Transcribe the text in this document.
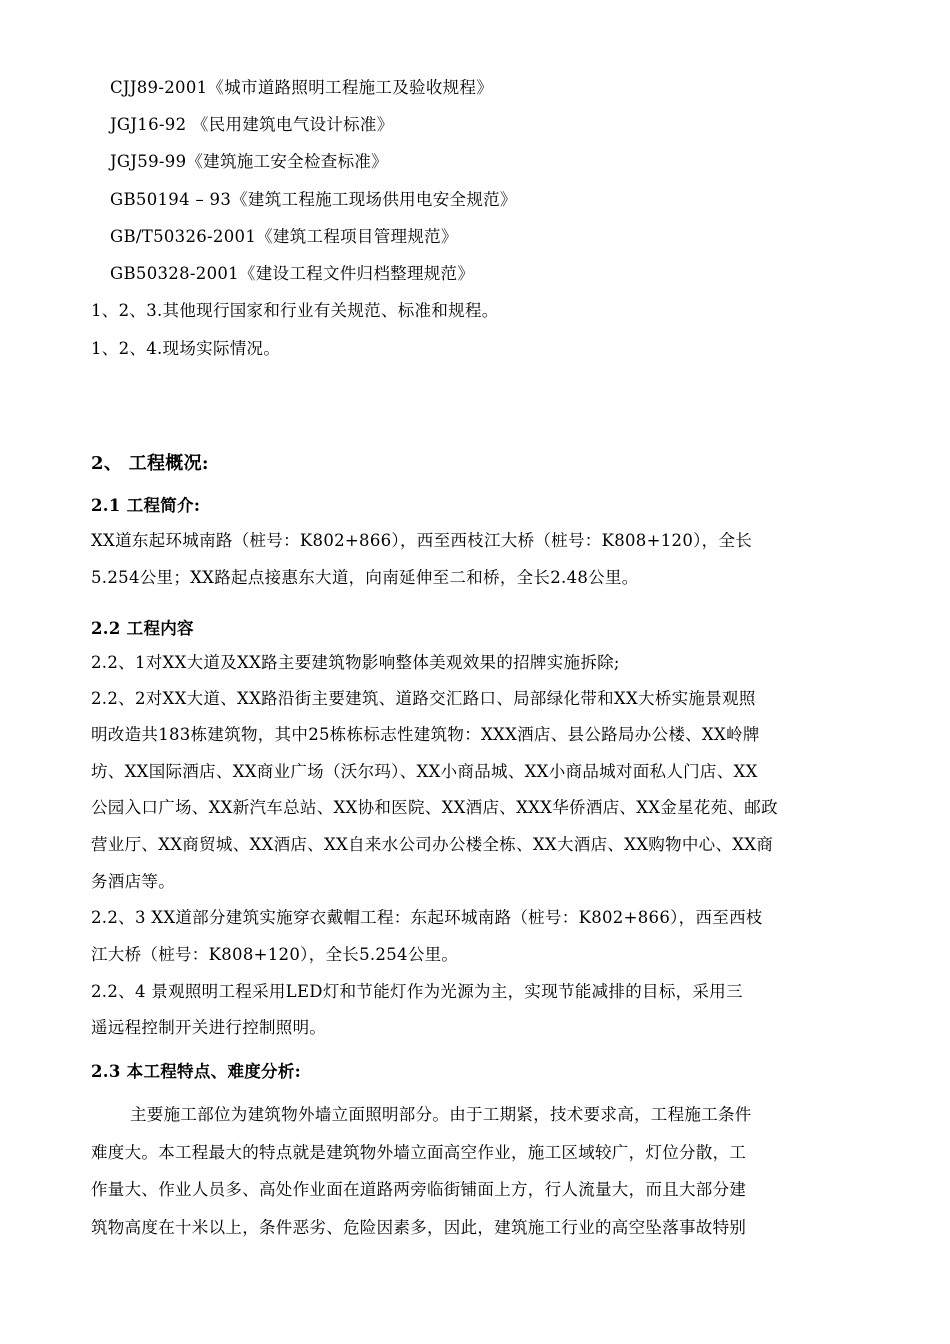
CJJ89-2001《城市道路照明工程施工及验收规程》
JGJ16-92 《民用建筑电气设计标准》
JGJ59-99《建筑施工安全检查标准》
GB50194 – 93《建筑工程施工现场供用电安全规范》
GB/T50326-2001《建筑工程项目管理规范》
GB50328-2001《建设工程文件归档整理规范》
1、2、3.其他现行国家和行业有关规范、标准和规程。
1、2、4.现场实际情况。
2、 工程概况:
2.1 工程简介:
XX道东起环城南路（桩号：K802+866），西至西枝江大桥（桩号：K808+120），全长
5.254公里；XX路起点接惠东大道，向南延伸至二和桥，全长2.48公里。
2.2 工程内容
2.2、1对XX大道及XX路主要建筑物影响整体美观效果的招牌实施拆除;
2.2、2对XX大道、XX路沿街主要建筑、道路交汇路口、局部绿化带和XX大桥实施景观照
明改造共183栋建筑物，其中25栋栋标志性建筑物：XXX酒店、县公路局办公楼、XX岭牌
坊、XX国际酒店、XX商业广场（沃尔玛）、XX小商品城、XX小商品城对面私人门店、XX
公园入口广场、XX新汽车总站、XX协和医院、XX酒店、XXX华侨酒店、XX金星花苑、邮政
营业厅、XX商贸城、XX酒店、XX自来水公司办公楼全栋、XX大酒店、XX购物中心、XX商
务酒店等。
2.2、3 XX道部分建筑实施穿衣戴帽工程：东起环城南路（桩号：K802+866），西至西枝
江大桥（桩号：K808+120），全长5.254公里。
2.2、4 景观照明工程采用LED灯和节能灯作为光源为主，实现节能减排的目标，采用三
遥远程控制开关进行控制照明。
2.3 本工程特点、难度分析:
主要施工部位为建筑物外墙立面照明部分。由于工期紧，技术要求高，工程施工条件
难度大。本工程最大的特点就是建筑物外墙立面高空作业，施工区域较广，灯位分散，工
作量大、作业人员多、高处作业面在道路两旁临街铺面上方，行人流量大，而且大部分建
筑物高度在十米以上，条件恶劣、危险因素多，因此，建筑施工行业的高空坠落事故特别
